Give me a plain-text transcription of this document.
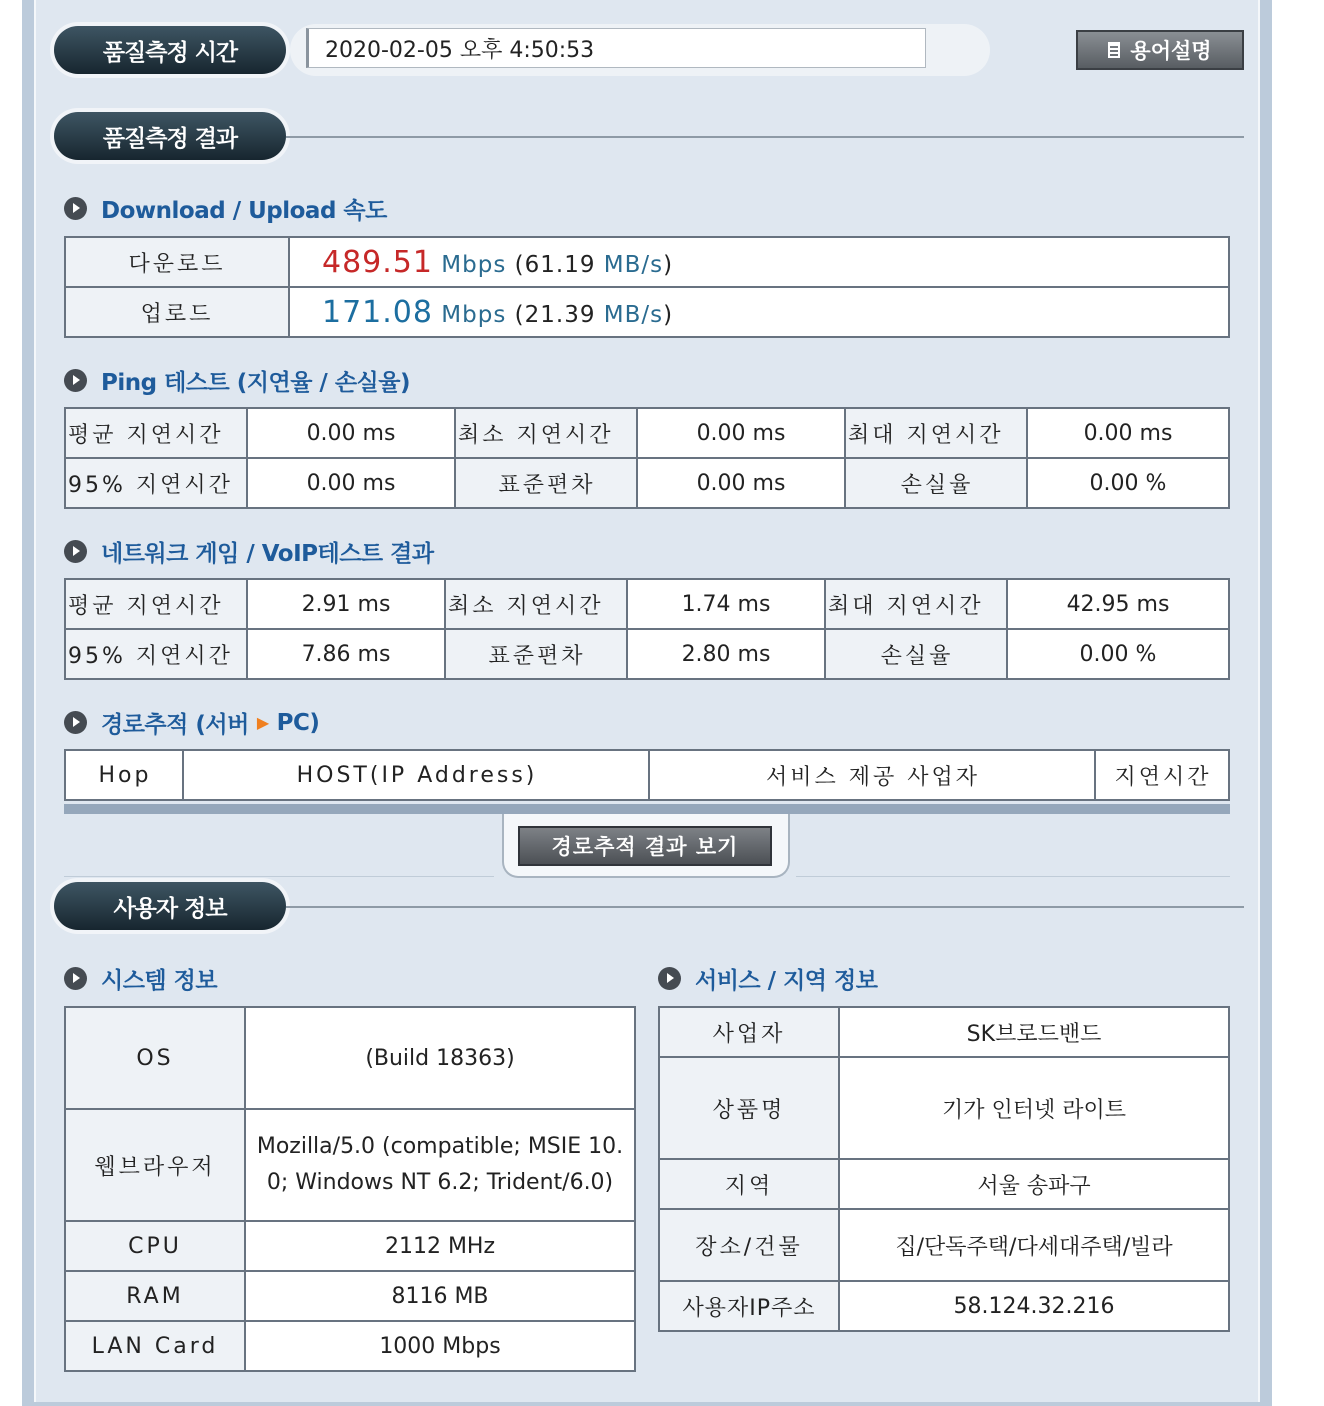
품질측정 시간	2020-02-05 오후 4:50:53	용어설명
품질측정 결과
Download / Upload 속도
다운로드	489.51 Mbps (61.19 MB/s)
업로드	171.08 Mbps (21.39 MB/s)
Ping 테스트 (지연율 / 손실율)
평균 지연시간	0.00 ms	최소 지연시간	0.00 ms	최대 지연시간	0.00 ms
95% 지연시간	0.00 ms	표준편차	0.00 ms	손실율	0.00 %
네트워크 게임 / VoIP테스트 결과
평균 지연시간	2.91 ms	최소 지연시간	1.74 ms	최대 지연시간	42.95 ms
95% 지연시간	7.86 ms	표준편차	2.80 ms	손실율	0.00 %
경로추적 (서버 ▶ PC)
Hop	HOST(IP Address)	서비스 제공 사업자	지연시간
경로추적 결과 보기
사용자 정보
시스템 정보
OS	(Build 18363)
웹브라우저	Mozilla/5.0 (compatible; MSIE 10.0; Windows NT 6.2; Trident/6.0)
CPU	2112 MHz
RAM	8116 MB
LAN Card	1000 Mbps
서비스 / 지역 정보
사업자	SK브로드밴드
상품명	기가 인터넷 라이트
지역	서울 송파구
장소/건물	집/단독주택/다세대주택/빌라
사용자IP주소	58.124.32.216
